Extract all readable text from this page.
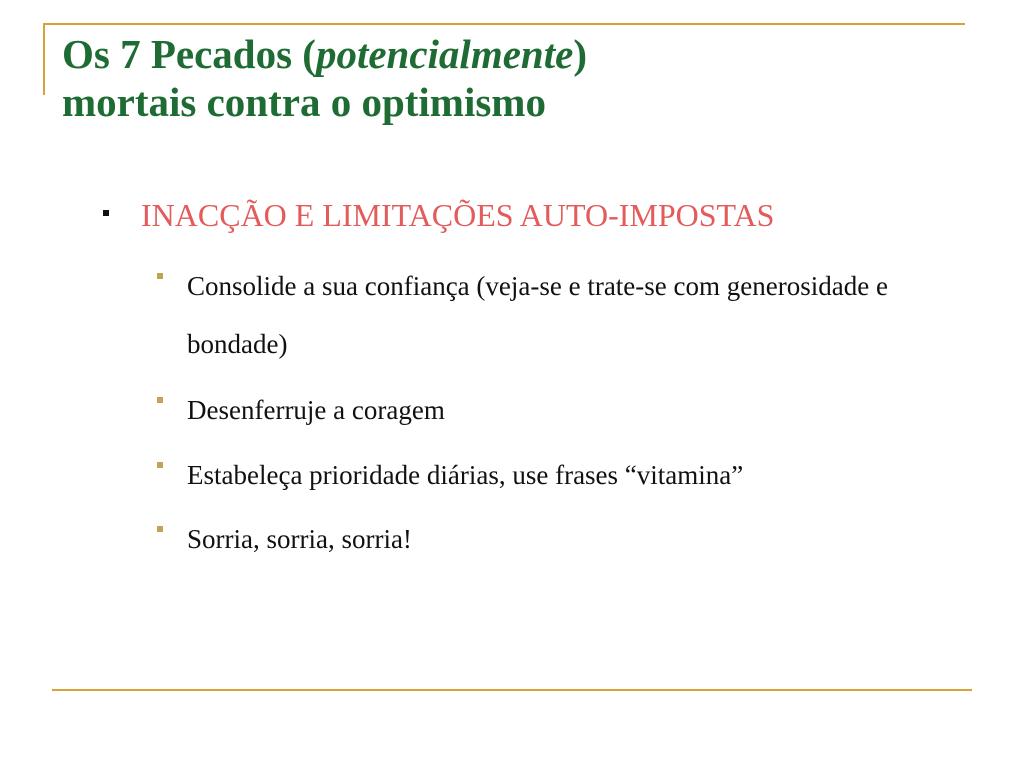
Os 7 Pecados (potencialmente)
mortais contra o optimismo
INACÇÃO E LIMITAÇÕES AUTO-IMPOSTAS
Consolide a sua confiança (veja-se e trate-se com generosidade e bondade)
Desenferruje a coragem
Estabeleça prioridade diárias, use frases “vitamina”
Sorria, sorria, sorria!
